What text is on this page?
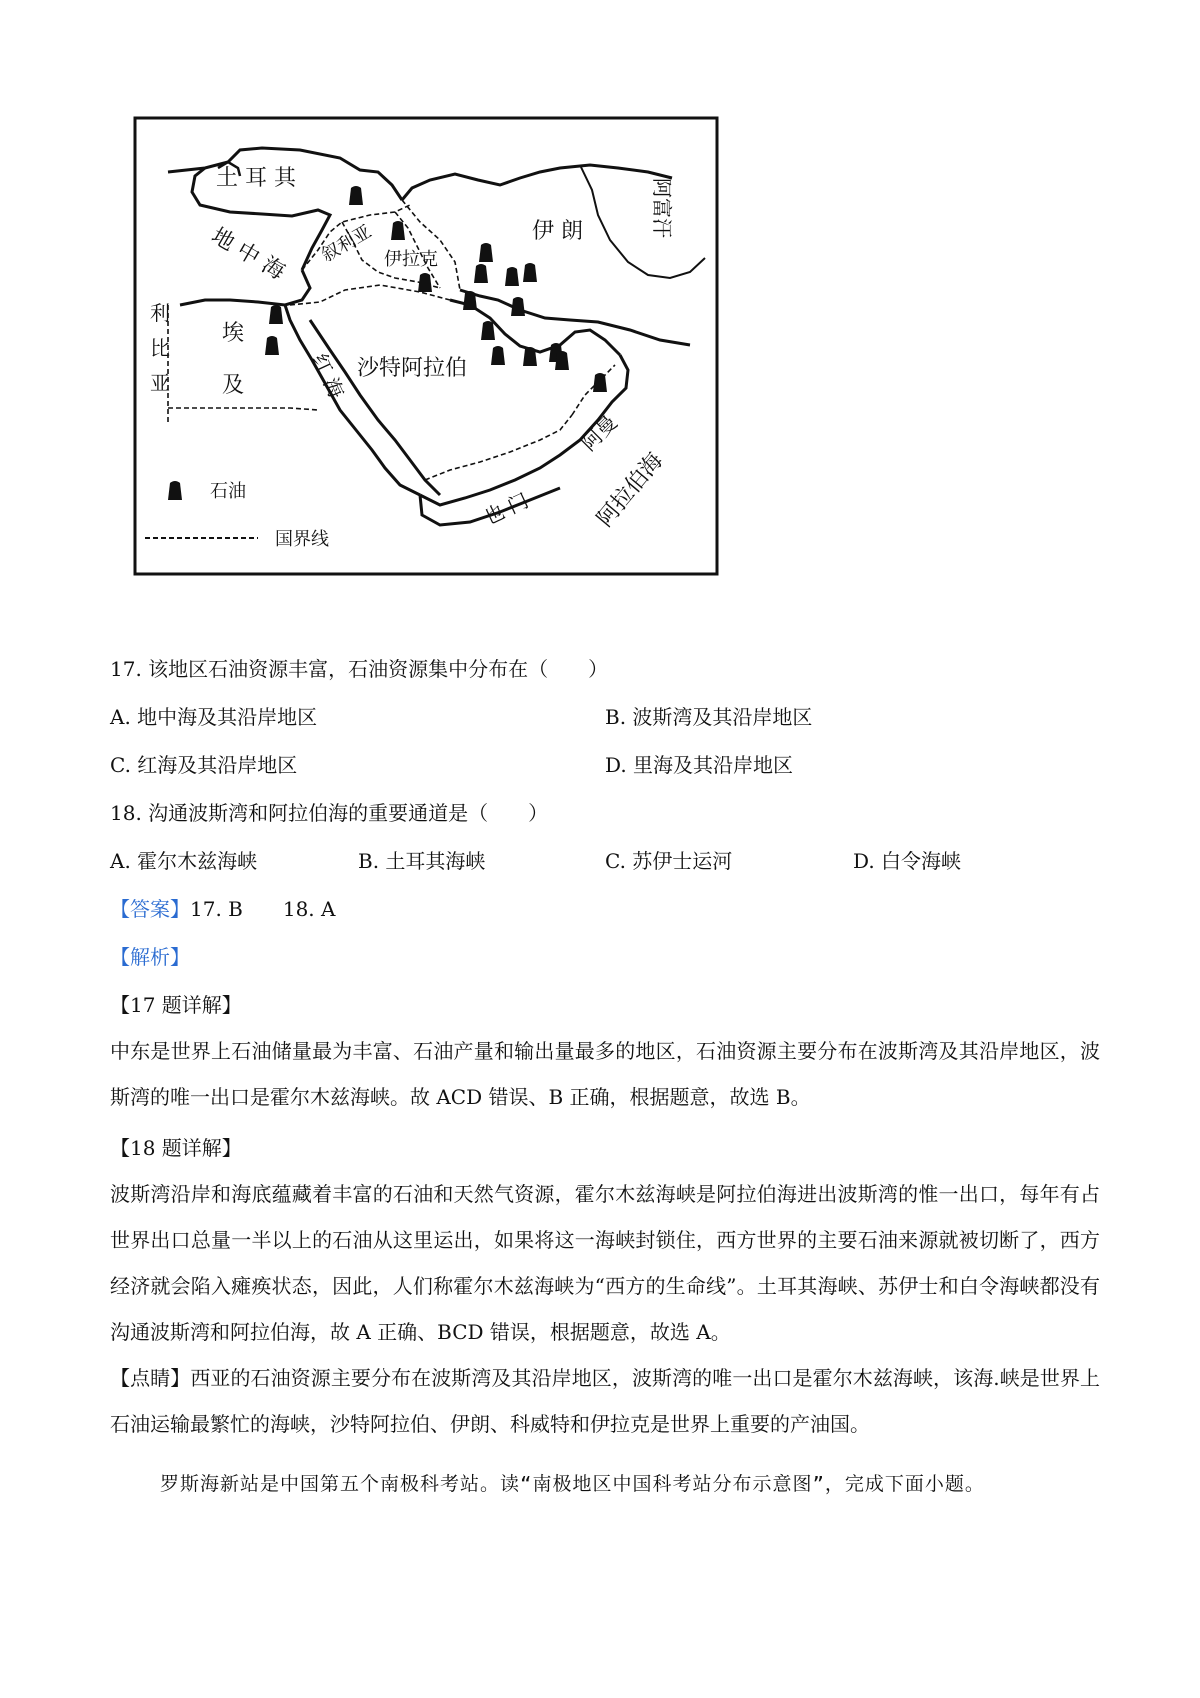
土 耳 其
地 中 海 叙利亚 伊拉克
伊 朗	阿富汗
利
比
亚
埃
及
沙特阿拉伯
红 海
也 门
阿曼
阿拉伯海
石油
国界线
17. 该地区石油资源丰富，石油资源集中分布在（　　）
A. 地中海及其沿岸地区	B. 波斯湾及其沿岸地区
C. 红海及其沿岸地区	D. 里海及其沿岸地区
18. 沟通波斯湾和阿拉伯海的重要通道是（　　）
A. 霍尔木兹海峡	B. 土耳其海峡	C. 苏伊士运河	D. 白令海峡
【答案】17. B　　18. A
【解析】
【17 题详解】
中东是世界上石油储量最为丰富、石油产量和输出量最多的地区，石油资源主要分布在波斯湾及其沿岸地区，波斯湾的唯一出口是霍尔木兹海峡。故 ACD 错误、B 正确，根据题意，故选 B。
【18 题详解】
波斯湾沿岸和海底蕴藏着丰富的石油和天然气资源，霍尔木兹海峡是阿拉伯海进出波斯湾的惟一出口，每年有占世界出口总量一半以上的石油从这里运出，如果将这一海峡封锁住，西方世界的主要石油来源就被切断了，西方经济就会陷入瘫痪状态，因此，人们称霍尔木兹海峡为“西方的生命线”。土耳其海峡、苏伊士和白令海峡都没有沟通波斯湾和阿拉伯海，故 A 正确、BCD 错误，根据题意，故选 A。
【点睛】西亚的石油资源主要分布在波斯湾及其沿岸地区，波斯湾的唯一出口是霍尔木兹海峡，该海.峡是世界上石油运输最繁忙的海峡，沙特阿拉伯、伊朗、科威特和伊拉克是世界上重要的产油国。
罗斯海新站是中国第五个南极科考站。读“南极地区中国科考站分布示意图”，完成下面小题。
